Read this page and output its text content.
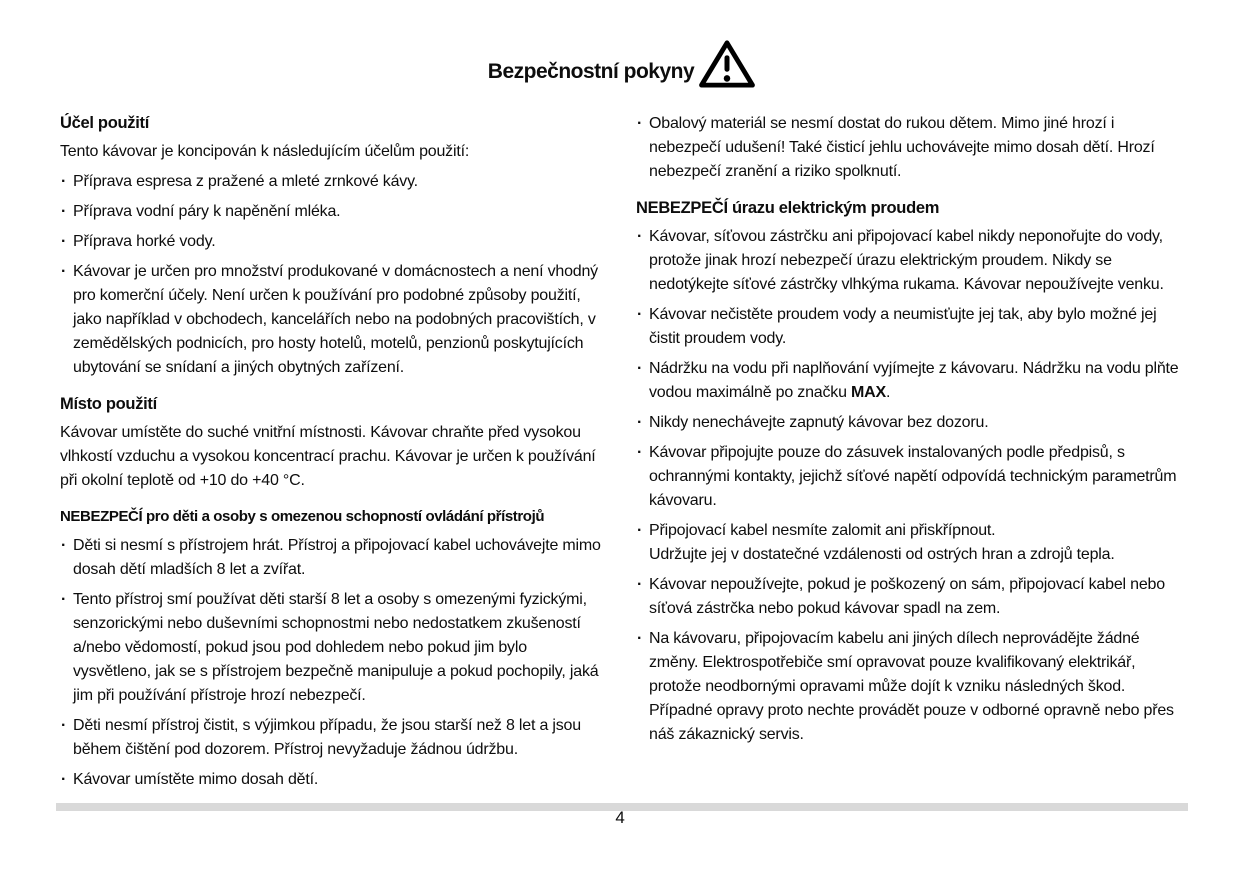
Bezpečnostní pokyny
Účel použití

Tento kávovar je koncipován k následujícím účelům použití:

· Příprava espresa z pražené a mleté zrnkové kávy.
· Příprava vodní páry k napěnění mléka.
· Příprava horké vody.
· Kávovar je určen pro množství produkované v domácnostech a není vhodný pro komerční účely. Není určen k používání pro podobné způsoby použití, jako například v obchodech, kancelářích nebo na podobných pracovištích, v zemědělských podnicích, pro hosty hotelů, motelů, penzionů poskytujících ubytování se snídaní a jiných obytných zařízení.
Místo použití

Kávovar umístěte do suché vnitřní místnosti. Kávovar chraňte před vysokou vlhkostí vzduchu a vysokou koncentrací prachu. Kávovar je určen k používání při okolní teplotě od +10 do +40 °C.

NEBEZPEČÍ pro děti a osoby s omezenou schopností ovládání přístrojů
· Děti si nesmí s přístrojem hrát. Přístroj a připojovací kabel uchovávejte mimo dosah dětí mladších 8 let a zvířat.
· Tento přístroj smí používat děti starší 8 let a osoby s omezenými fyzickými, senzorickými nebo duševními schopnostmi nebo nedostatkem zkušeností a/nebo vědomostí, pokud jsou pod dohledem nebo pokud jim bylo vysvětleno, jak se s přístrojem bezpečně manipuluje a pokud pochopily, jaká jim při používání přístroje hrozí nebezpečí.
· Děti nesmí přístroj čistit, s výjimkou případu, že jsou starší než 8 let a jsou během čištění pod dozorem. Přístroj nevyžaduje žádnou údržbu.
· Kávovar umístěte mimo dosah dětí.
· Obalový materiál se nesmí dostat do rukou dětem. Mimo jiné hrozí i nebezpečí udušení! Také čisticí jehlu uchovávejte mimo dosah dětí. Hrozí nebezpečí zranění a riziko spolknutí.
NEBEZPEČÍ úrazu elektrickým proudem
· Kávovar, síťovou zástrčku ani připojovací kabel nikdy neponořujte do vody, protože jinak hrozí nebezpečí úrazu elektrickým proudem. Nikdy se nedotýkejte síťové zástrčky vlhkýma rukama. Kávovar nepoužívejte venku.
· Kávovar nečistěte proudem vody a neumisťujte jej tak, aby bylo možné jej čistit proudem vody.
· Nádržku na vodu při naplňování vyjímejte z kávovaru. Nádržku na vodu plňte vodou maximálně po značku MAX.
· Nikdy nenechávejte zapnutý kávovar bez dozoru.
· Kávovar připojujte pouze do zásuvek instalovaných podle předpisů, s ochrannými kontakty, jejichž síťové napětí odpovídá technickým parametrům kávovaru.
· Připojovací kabel nesmíte zalomit ani přiskřípnout.
Udržujte jej v dostatečné vzdálenosti od ostrých hran a zdrojů tepla.
· Kávovar nepoužívejte, pokud je poškozený on sám, připojovací kabel nebo síťová zástrčka nebo pokud kávovar spadl na zem.
· Na kávovaru, připojovacím kabelu ani jiných dílech neprovádějte žádné změny. Elektrospotřebiče smí opravovat pouze kvalifikovaný elektrikář, protože neodbornými opravami může dojít k vzniku následných škod. Případné opravy proto nechte provádět pouze v odborné opravně nebo přes náš zákaznický servis.
4
